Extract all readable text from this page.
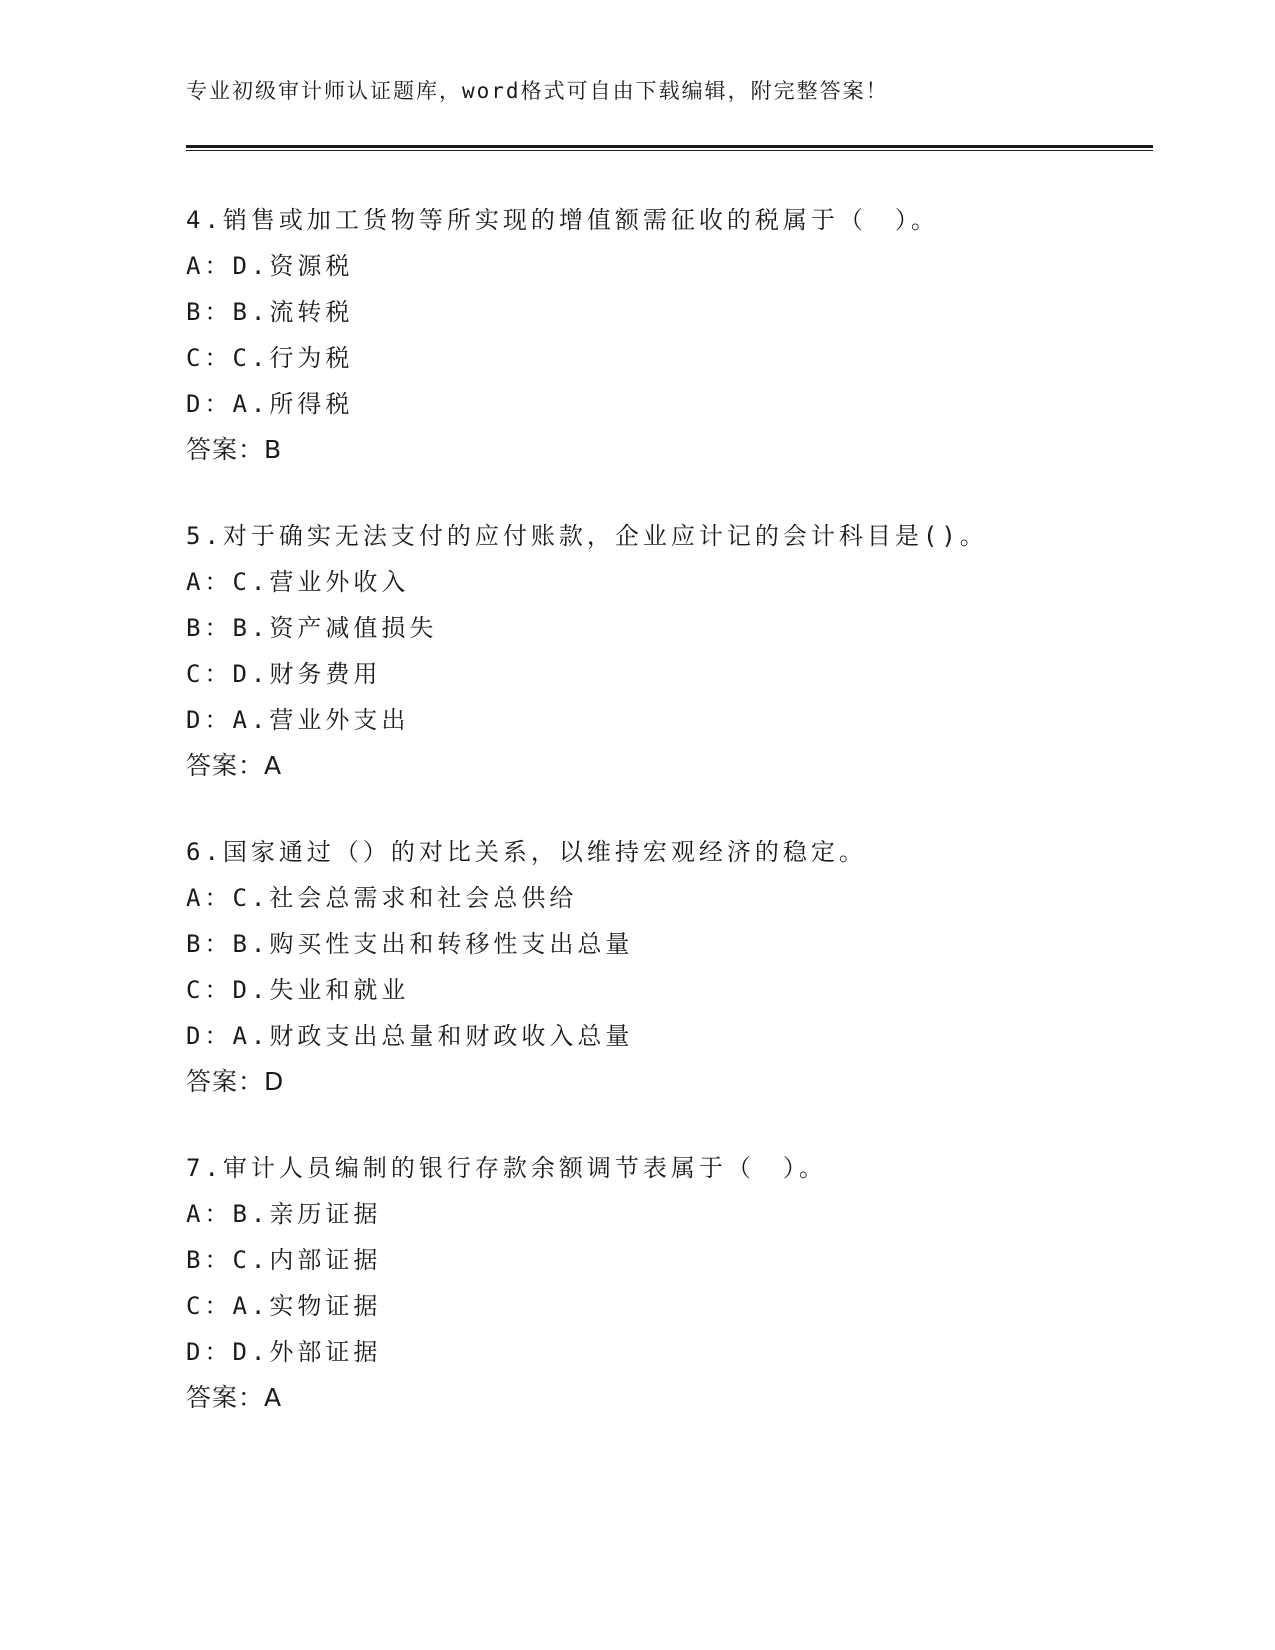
专业初级审计师认证题库，word格式可自由下载编辑，附完整答案！
4.销售或加工货物等所实现的增值额需征收的税属于（　）。
A：D.资源税
B：B.流转税
C：C.行为税
D：A.所得税
答案：B
5.对于确实无法支付的应付账款，企业应计记的会计科目是()。
A：C.营业外收入
B：B.资产减值损失
C：D.财务费用
D：A.营业外支出
答案：A
6.国家通过（）的对比关系，以维持宏观经济的稳定。
A：C.社会总需求和社会总供给
B：B.购买性支出和转移性支出总量
C：D.失业和就业
D：A.财政支出总量和财政收入总量
答案：D
7.审计人员编制的银行存款余额调节表属于（　）。
A：B.亲历证据
B：C.内部证据
C：A.实物证据
D：D.外部证据
答案：A
